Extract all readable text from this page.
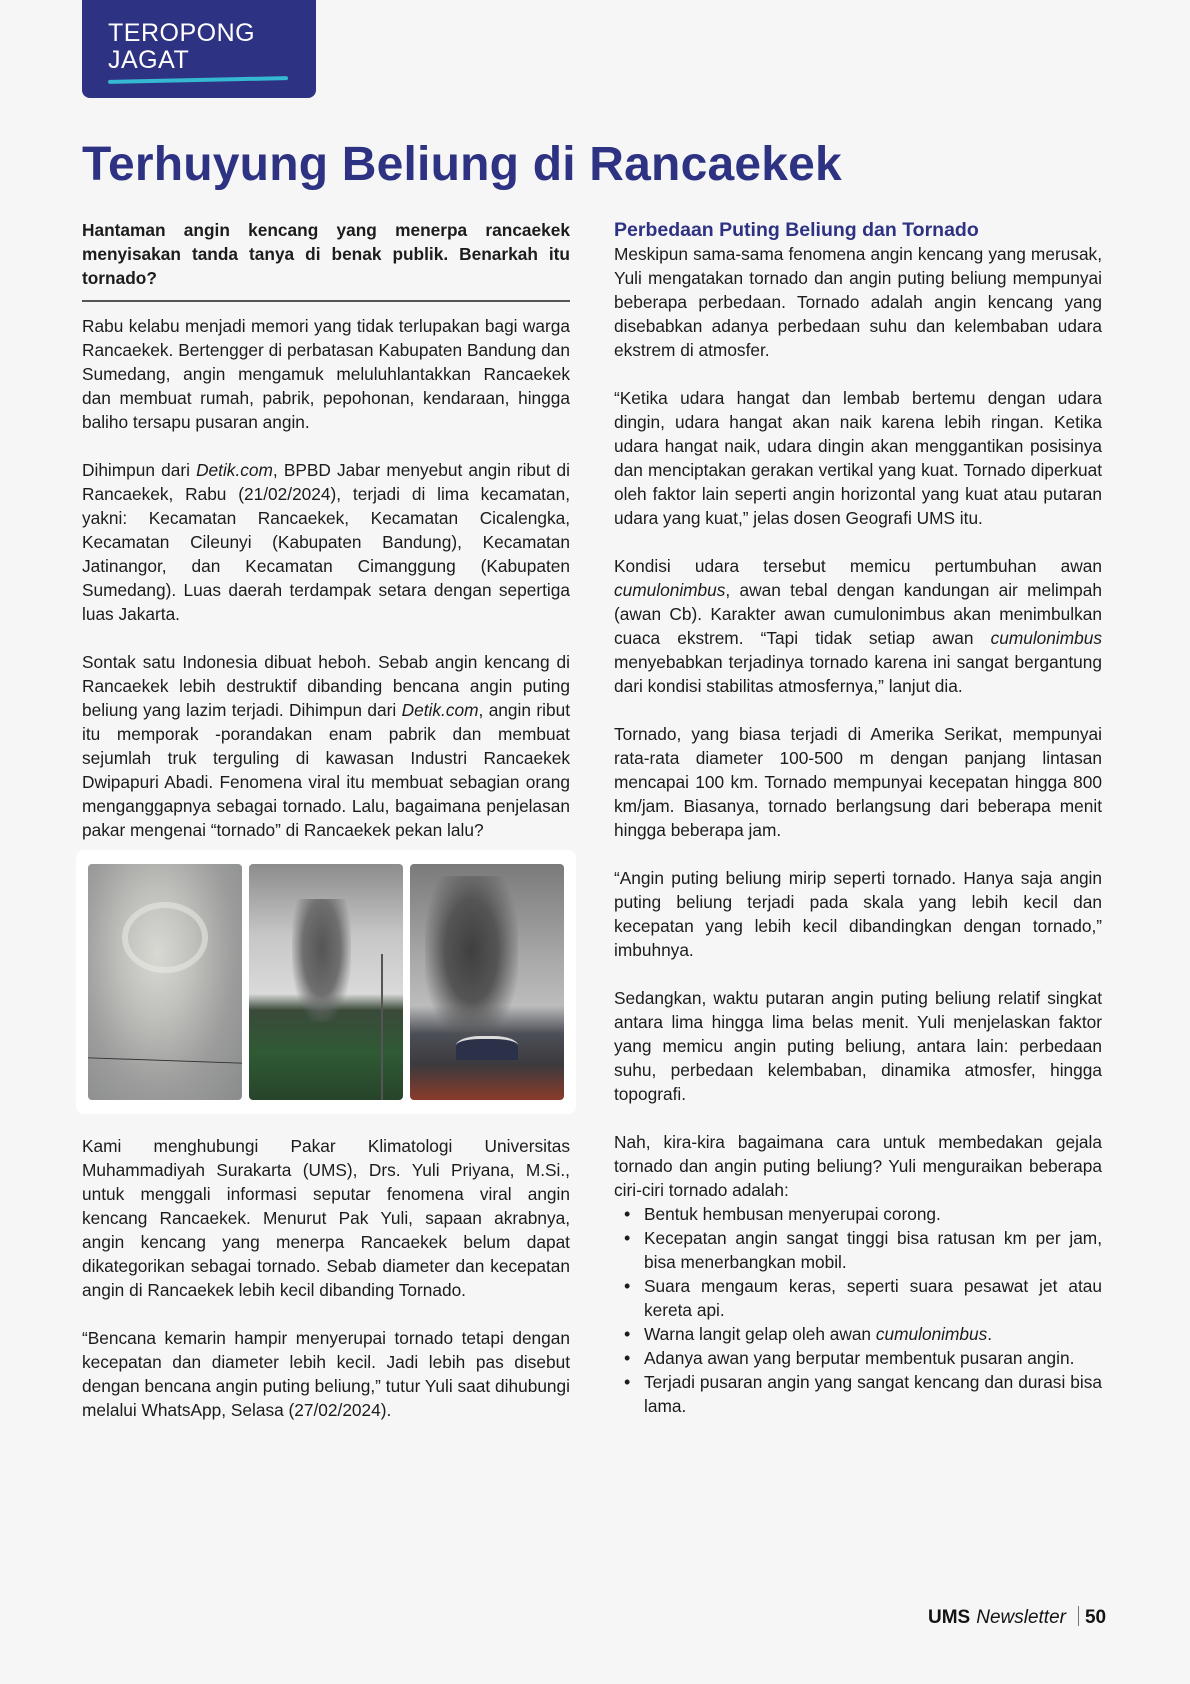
TEROPONG
JAGAT
Terhuyung Beliung di Rancaekek

Hantaman angin kencang yang menerpa rancaekek menyisakan tanda tanya di benak publik. Benarkah itu tornado?

Rabu kelabu menjadi memori yang tidak terlupakan bagi warga Rancaekek. Bertengger di perbatasan Kabupaten Bandung dan Sumedang, angin mengamuk meluluhlantakkan Rancaekek dan membuat rumah, pabrik, pepohonan, kendaraan, hingga baliho tersapu pusaran angin.

Dihimpun dari Detik.com, BPBD Jabar menyebut angin ribut di Rancaekek, Rabu (21/02/2024), terjadi di lima kecamatan, yakni: Kecamatan Rancaekek, Kecamatan Cicalengka, Kecamatan Cileunyi (Kabupaten Bandung), Kecamatan Jatinangor, dan Kecamatan Cimanggung (Kabupaten Sumedang). Luas daerah terdampak setara dengan sepertiga luas Jakarta.

Sontak satu Indonesia dibuat heboh. Sebab angin kencang di Rancaekek lebih destruktif dibanding bencana angin puting beliung yang lazim terjadi. Dihimpun dari Detik.com, angin ribut itu memporak -porandakan enam pabrik dan membuat sejumlah truk terguling di kawasan Industri Rancaekek Dwipapuri Abadi. Fenomena viral itu membuat sebagian orang menganggapnya sebagai tornado. Lalu, bagaimana penjelasan pakar mengenai “tornado” di Rancaekek pekan lalu?

Kami menghubungi Pakar Klimatologi Universitas Muhammadiyah Surakarta (UMS), Drs. Yuli Priyana, M.Si., untuk menggali informasi seputar fenomena viral angin kencang Rancaekek. Menurut Pak Yuli, sapaan akrabnya, angin kencang yang menerpa Rancaekek belum dapat dikategorikan sebagai tornado. Sebab diameter dan kecepatan angin di Rancaekek lebih kecil dibanding Tornado.

“Bencana kemarin hampir menyerupai tornado tetapi dengan kecepatan dan diameter lebih kecil. Jadi lebih pas disebut dengan bencana angin puting beliung,” tutur Yuli saat dihubungi melalui WhatsApp, Selasa (27/02/2024).

Perbedaan Puting Beliung dan Tornado

Meskipun sama-sama fenomena angin kencang yang merusak, Yuli mengatakan tornado dan angin puting beliung mempunyai beberapa perbedaan. Tornado adalah angin kencang yang disebabkan adanya perbedaan suhu dan kelembaban udara ekstrem di atmosfer.

“Ketika udara hangat dan lembab bertemu dengan udara dingin, udara hangat akan naik karena lebih ringan. Ketika udara hangat naik, udara dingin akan menggantikan posisinya dan menciptakan gerakan vertikal yang kuat. Tornado diperkuat oleh faktor lain seperti angin horizontal yang kuat atau putaran udara yang kuat,” jelas dosen Geografi UMS itu.

Kondisi udara tersebut memicu pertumbuhan awan cumulonimbus, awan tebal dengan kandungan air melimpah (awan Cb). Karakter awan cumulonimbus akan menimbulkan cuaca ekstrem. “Tapi tidak setiap awan cumulonimbus menyebabkan terjadinya tornado karena ini sangat bergantung dari kondisi stabilitas atmosfernya,” lanjut dia.

Tornado, yang biasa terjadi di Amerika Serikat, mempunyai rata-rata diameter 100-500 m dengan panjang lintasan mencapai 100 km. Tornado mempunyai kecepatan hingga 800 km/jam. Biasanya, tornado berlangsung dari beberapa menit hingga beberapa jam.

“Angin puting beliung mirip seperti tornado. Hanya saja angin puting beliung terjadi pada skala yang lebih kecil dan kecepatan yang lebih kecil dibandingkan dengan tornado,” imbuhnya.

Sedangkan, waktu putaran angin puting beliung relatif singkat antara lima hingga lima belas menit. Yuli menjelaskan faktor yang memicu angin puting beliung, antara lain: perbedaan suhu, perbedaan kelembaban, dinamika atmosfer, hingga topografi.

Nah, kira-kira bagaimana cara untuk membedakan gejala tornado dan angin puting beliung? Yuli menguraikan beberapa ciri-ciri tornado adalah:

• Bentuk hembusan menyerupai corong.
• Kecepatan angin sangat tinggi bisa ratusan km per jam, bisa menerbangkan mobil.
• Suara mengaum keras, seperti suara pesawat jet atau kereta api.
• Warna langit gelap oleh awan cumulonimbus.
• Adanya awan yang berputar membentuk pusaran angin.
• Terjadi pusaran angin yang sangat kencang dan durasi bisa lama.
UMS Newsletter 50
